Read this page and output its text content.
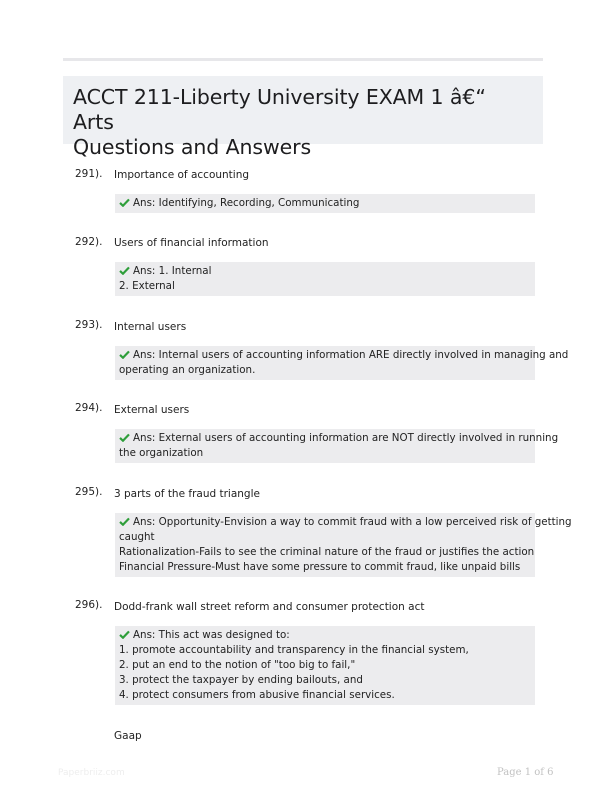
ACCT 211-Liberty University EXAM 1 â€“ Arts
Questions and Answers
291). Importance of accounting
Ans: Identifying, Recording, Communicating
292). Users of financial information
Ans: 1. Internal
2. External
293). Internal users
Ans: Internal users of accounting information ARE directly involved in managing and
operating an organization.
294). External users
Ans: External users of accounting information are NOT directly involved in running
the organization
295). 3 parts of the fraud triangle
Ans: Opportunity-Envision a way to commit fraud with a low perceived risk of getting
caught
Rationalization-Fails to see the criminal nature of the fraud or justifies the action
Financial Pressure-Must have some pressure to commit fraud, like unpaid bills
296). Dodd-frank wall street reform and consumer protection act
Ans: This act was designed to:
1. promote accountability and transparency in the financial system,
2. put an end to the notion of "too big to fail,"
3. protect the taxpayer by ending bailouts, and
4. protect consumers from abusive financial services.
Gaap
Paperbriiz.com	Page 1 of 6
